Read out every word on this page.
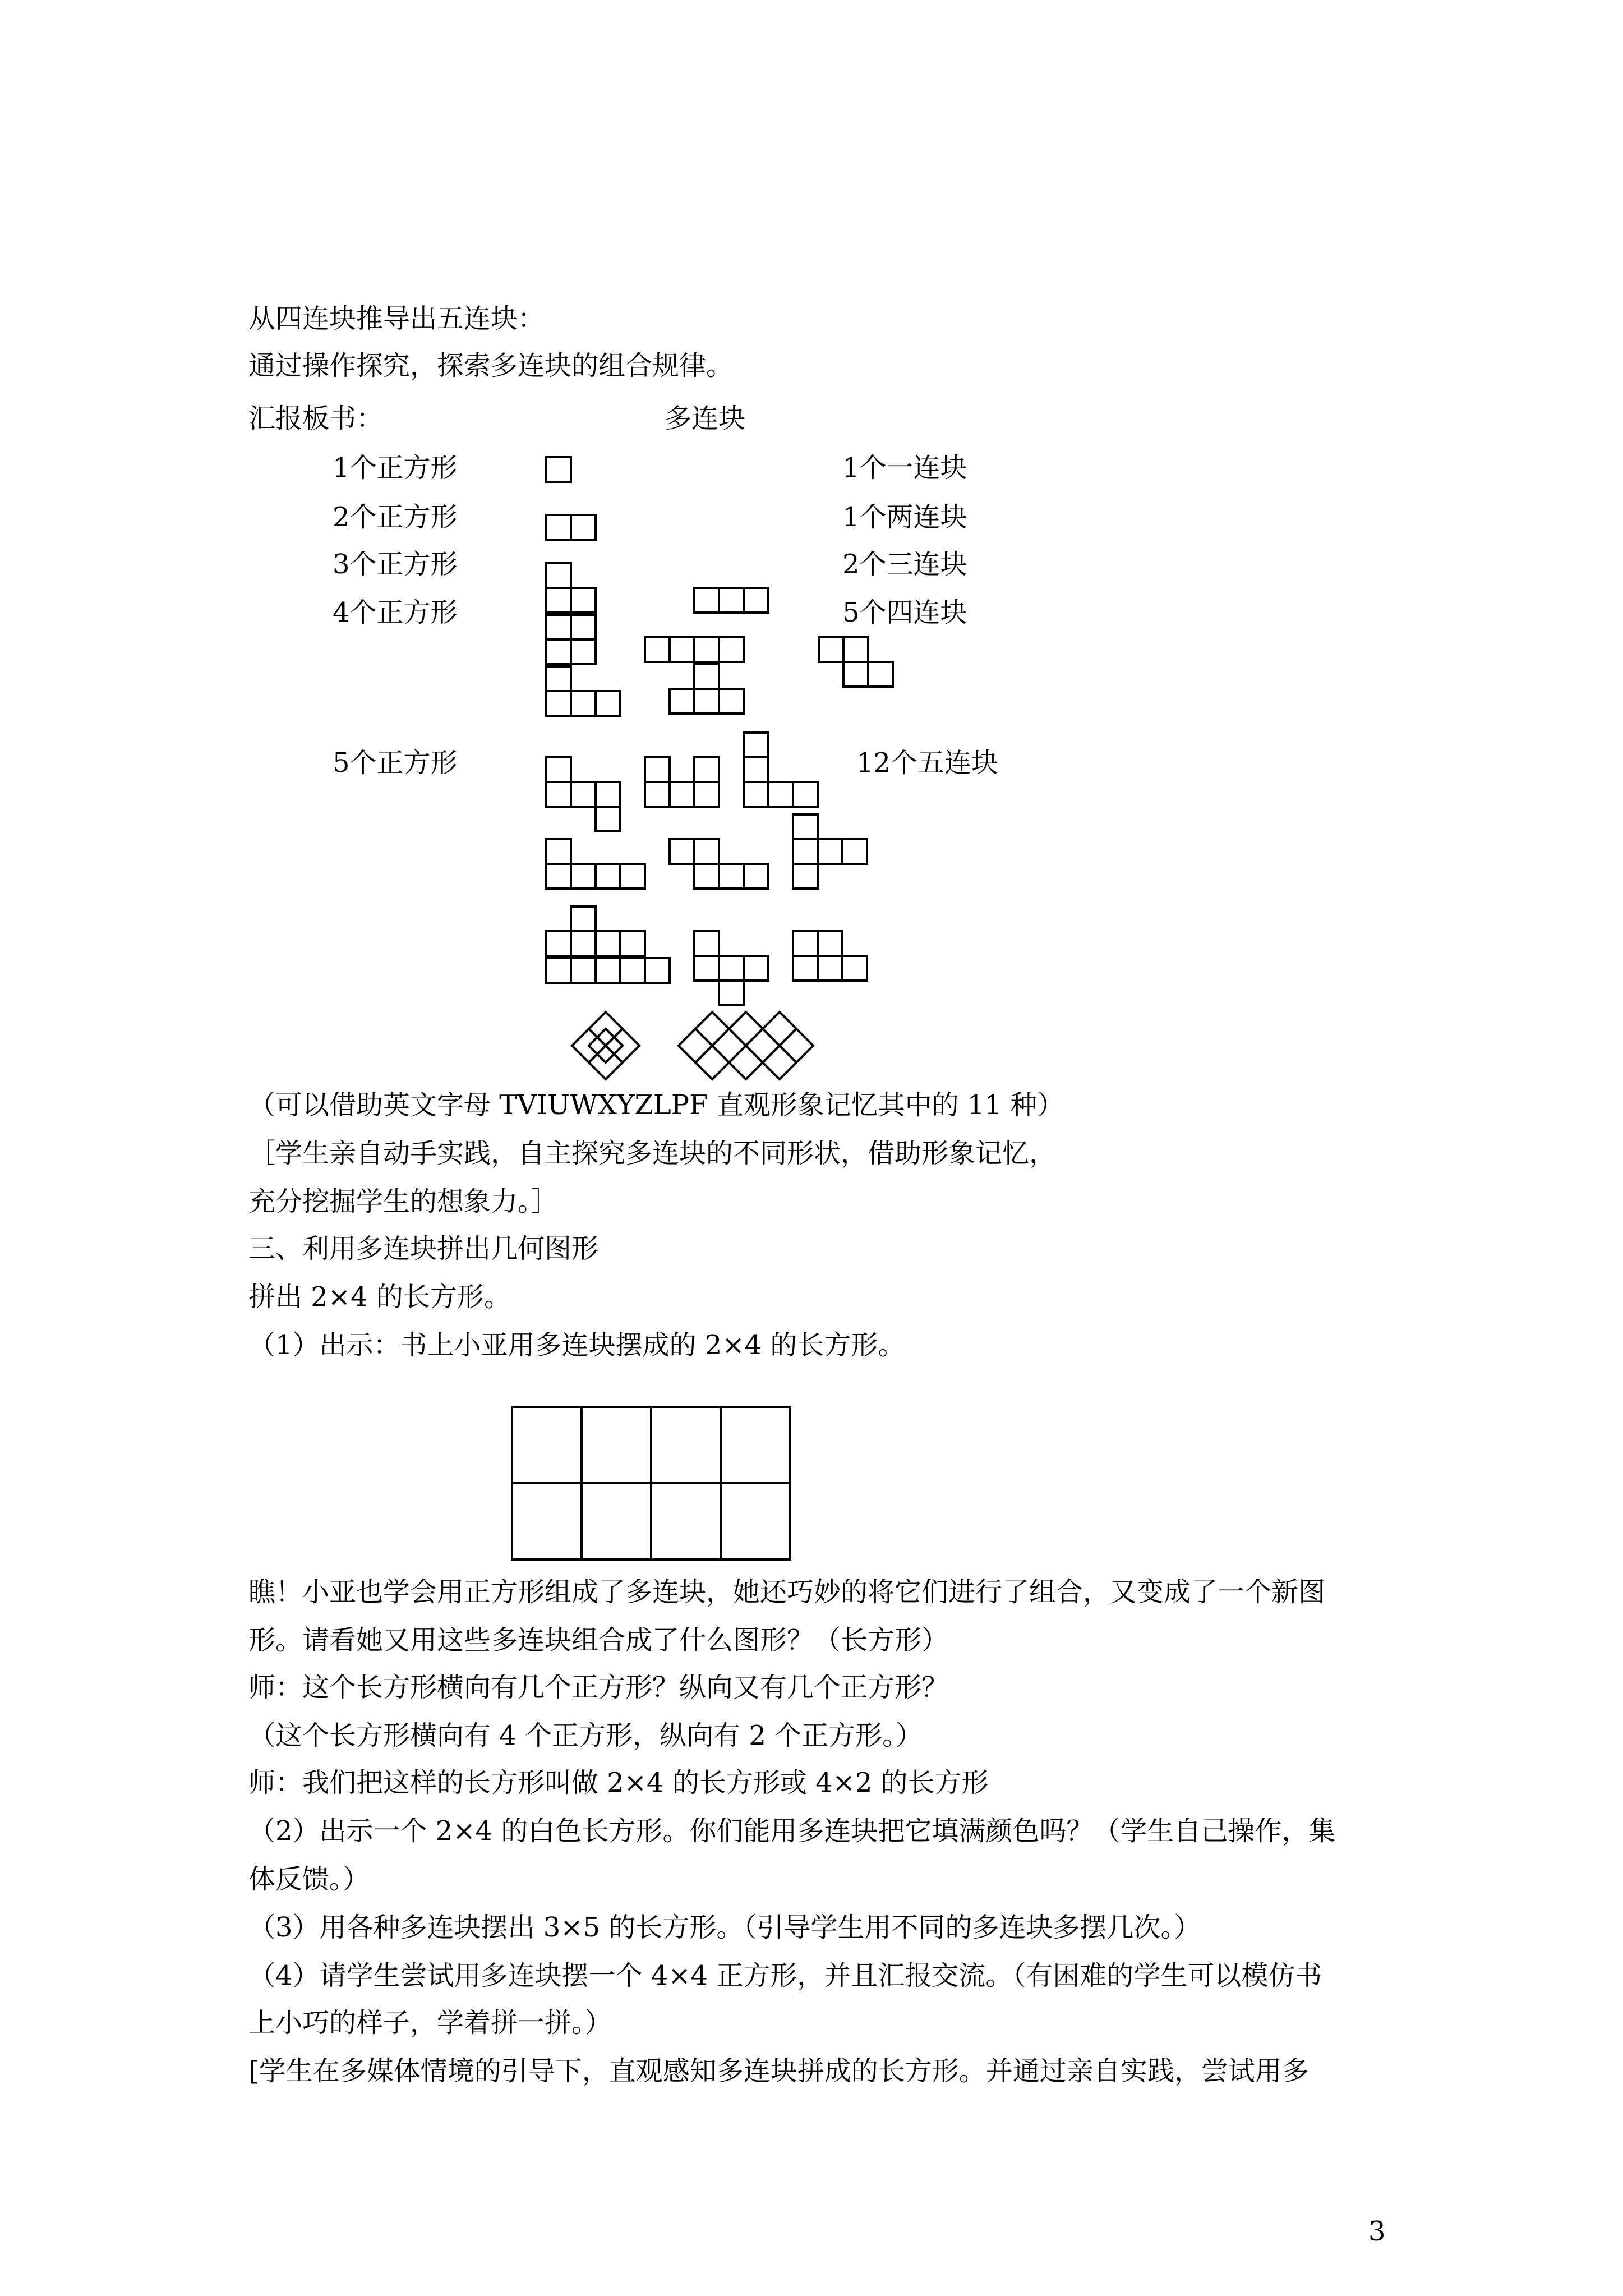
从四连块推导出五连块：
通过操作探究，探索多连块的组合规律。
汇报板书：	多连块
1个正方形	1个一连块
2个正方形	1个两连块
3个正方形	2个三连块
4个正方形	5个四连块
5个正方形	12个五连块
（可以借助英文字母 TVIUWXYZLPF 直观形象记忆其中的 11 种）
［学生亲自动手实践，自主探究多连块的不同形状，借助形象记忆，
充分挖掘学生的想象力。］
三、利用多连块拼出几何图形
拼出 2×4 的长方形。
（1）出示：书上小亚用多连块摆成的 2×4 的长方形。
瞧！小亚也学会用正方形组成了多连块，她还巧妙的将它们进行了组合，又变成了一个新图
形。请看她又用这些多连块组合成了什么图形？（长方形）
师：这个长方形横向有几个正方形？纵向又有几个正方形？
（这个长方形横向有 4 个正方形，纵向有 2 个正方形。）
师：我们把这样的长方形叫做 2×4 的长方形或 4×2 的长方形
（2）出示一个 2×4 的白色长方形。你们能用多连块把它填满颜色吗？（学生自己操作，集
体反馈。）
（3）用各种多连块摆出 3×5 的长方形。（引导学生用不同的多连块多摆几次。）
（4）请学生尝试用多连块摆一个 4×4 正方形，并且汇报交流。（有困难的学生可以模仿书
上小巧的样子，学着拼一拼。）
[学生在多媒体情境的引导下，直观感知多连块拼成的长方形。并通过亲自实践，尝试用多
3
